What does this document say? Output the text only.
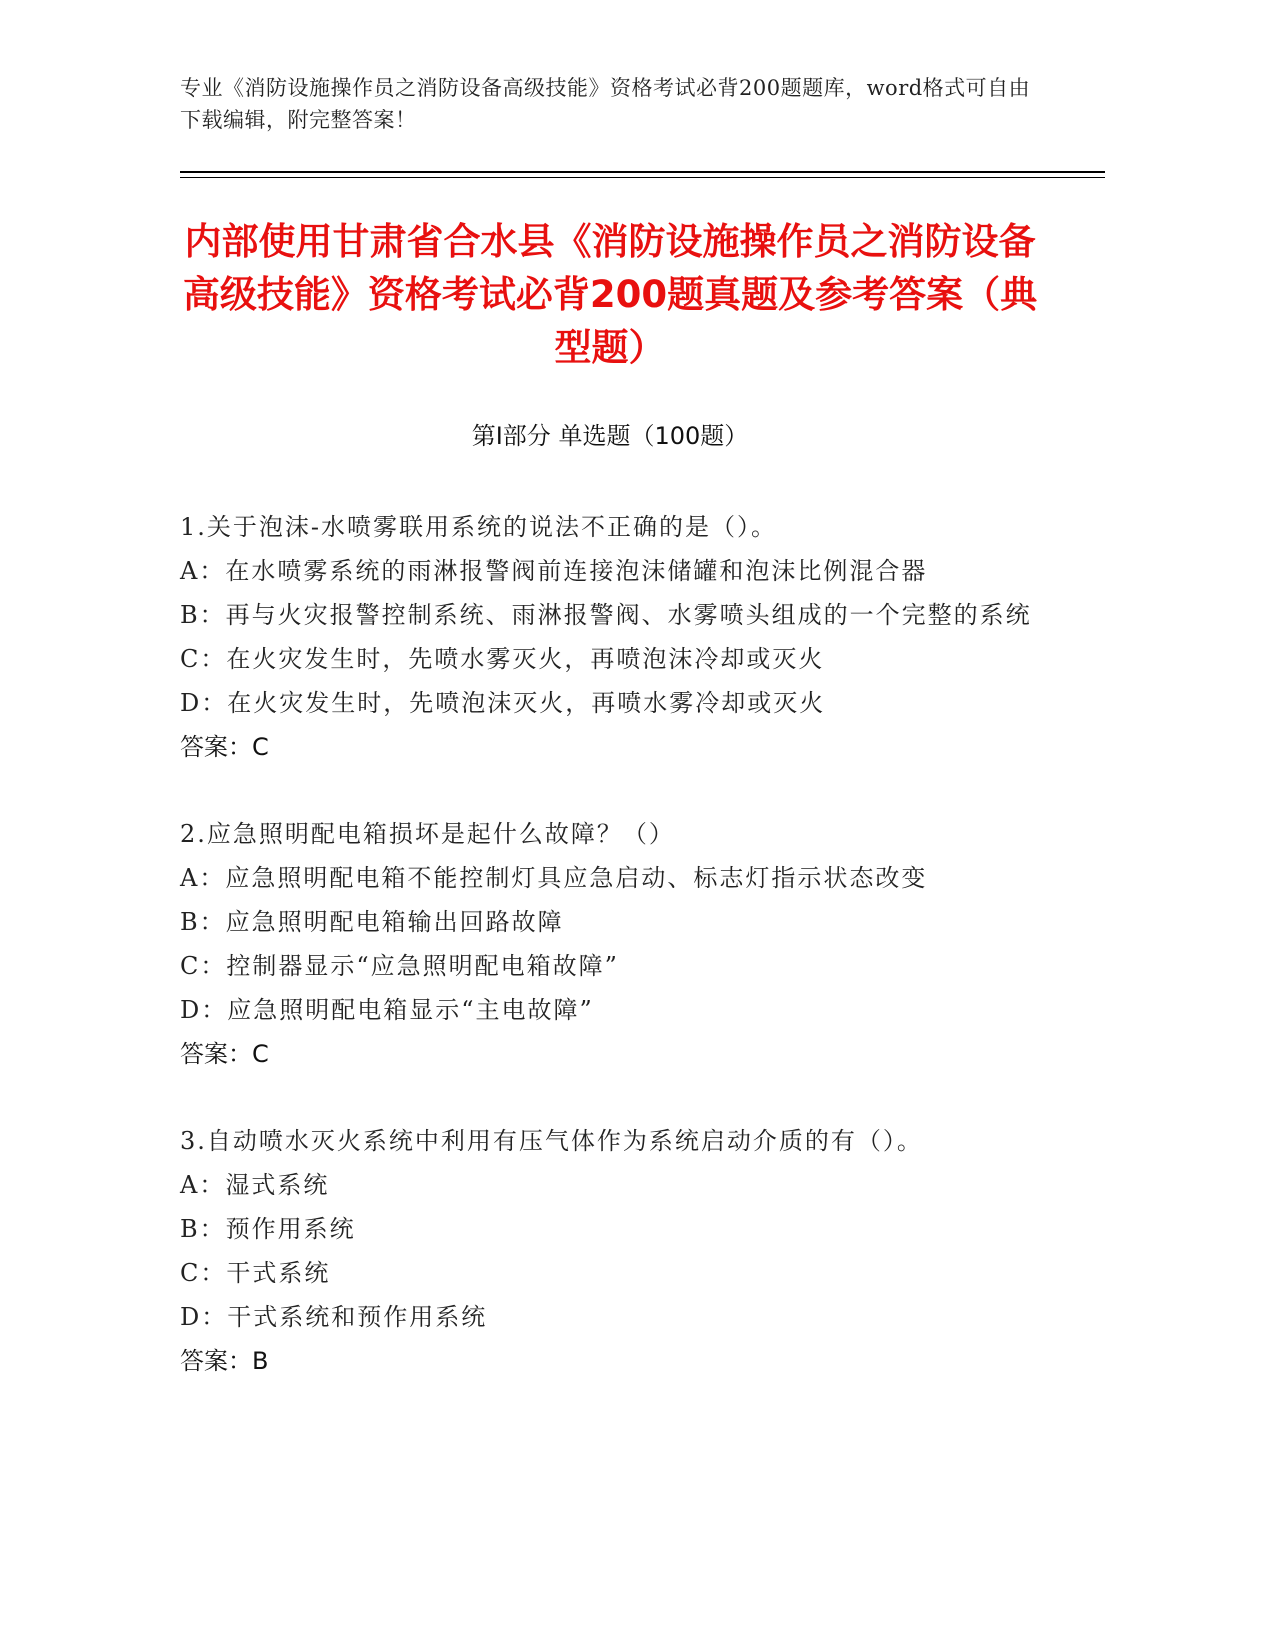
专业《消防设施操作员之消防设备高级技能》资格考试必背200题题库，word格式可自由下载编辑，附完整答案！
内部使用甘肃省合水县《消防设施操作员之消防设备高级技能》资格考试必背200题真题及参考答案（典型题）
第I部分 单选题（100题）
1.关于泡沫-水喷雾联用系统的说法不正确的是（）。
A：在水喷雾系统的雨淋报警阀前连接泡沫储罐和泡沫比例混合器
B：再与火灾报警控制系统、雨淋报警阀、水雾喷头组成的一个完整的系统
C：在火灾发生时，先喷水雾灭火，再喷泡沫冷却或灭火
D：在火灾发生时，先喷泡沫灭火，再喷水雾冷却或灭火
答案：C
2.应急照明配电箱损坏是起什么故障？（）
A：应急照明配电箱不能控制灯具应急启动、标志灯指示状态改变
B：应急照明配电箱输出回路故障
C：控制器显示“应急照明配电箱故障”
D：应急照明配电箱显示“主电故障”
答案：C
3.自动喷水灭火系统中利用有压气体作为系统启动介质的有（）。
A：湿式系统
B：预作用系统
C：干式系统
D：干式系统和预作用系统
答案：B
